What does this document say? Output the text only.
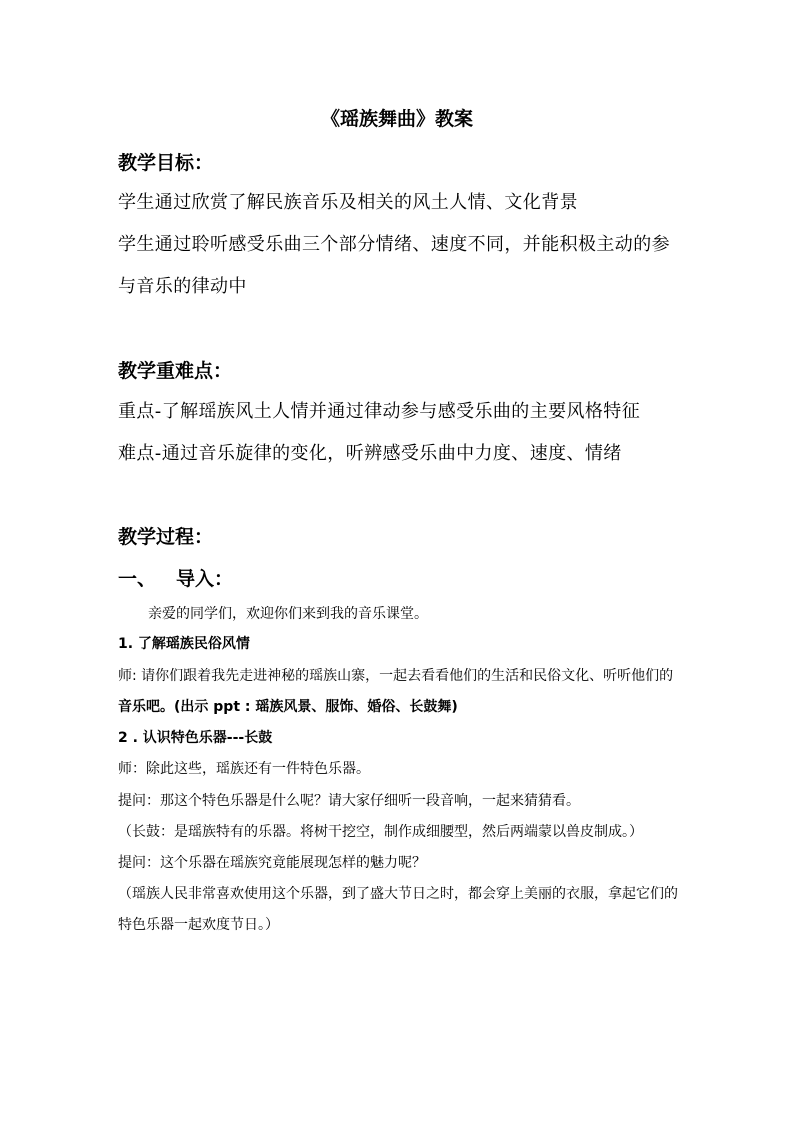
《瑶族舞曲》教案
教学目标：
学生通过欣赏了解民族音乐及相关的风土人情、文化背景
学生通过聆听感受乐曲三个部分情绪、速度不同，并能积极主动的参
与音乐的律动中
教学重难点：
重点-了解瑶族风土人情并通过律动参与感受乐曲的主要风格特征
难点-通过音乐旋律的变化，听辨感受乐曲中力度、速度、情绪
教学过程：
一、 导入：
亲爱的同学们，欢迎你们来到我的音乐课堂。
1. 了解瑶族民俗风情
师: 请你们跟着我先走进神秘的瑶族山寨，一起去看看他们的生活和民俗文化、听听他们的
音乐吧。(出示 ppt : 瑶族风景、服饰、婚俗、长鼓舞)
2 . 认识特色乐器---长鼓
师：除此这些，瑶族还有一件特色乐器。
提问：那这个特色乐器是什么呢？请大家仔细听一段音响，一起来猜猜看。
（长鼓：是瑶族特有的乐器。将树干挖空，制作成细腰型，然后两端蒙以兽皮制成。）
提问：这个乐器在瑶族究竟能展现怎样的魅力呢？
（瑶族人民非常喜欢使用这个乐器，到了盛大节日之时，都会穿上美丽的衣服，拿起它们的
特色乐器一起欢度节日。）
